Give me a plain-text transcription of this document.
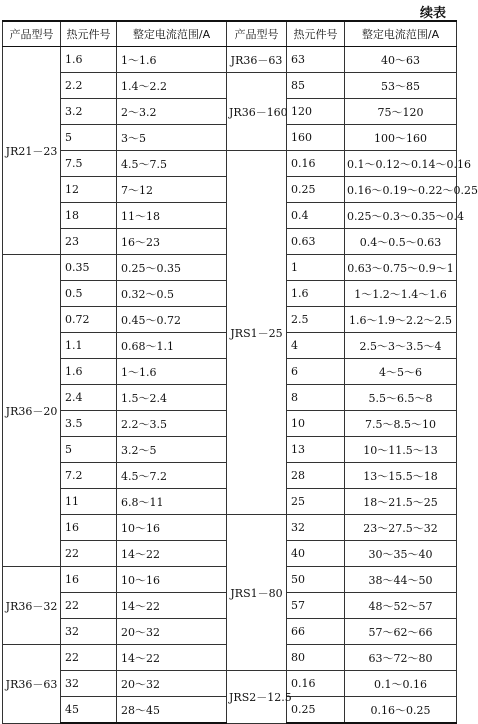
续表
产品型号	热元件号	整定电流范围/A	产品型号	热元件号	整定电流范围/A
JR21－23	1.6	1～1.6	JR36－63	63	40～63
	2.2	1.4～2.2	JR36－160	85	53～85
	3.2	2～3.2		120	75～120
	5	3～5		160	100～160
	7.5	4.5～7.5	JRS1－25	0.16	0.1～0.12～0.14～0.16
	12	7～12		0.25	0.16～0.19～0.22～0.25
	18	11～18		0.4	0.25～0.3～0.35～0.4
	23	16～23		0.63	0.4～0.5～0.63
JR36－20	0.35	0.25～0.35		1	0.63～0.75～0.9～1
	0.5	0.32～0.5		1.6	1～1.2～1.4～1.6
	0.72	0.45～0.72		2.5	1.6～1.9～2.2～2.5
	1.1	0.68～1.1		4	2.5～3～3.5～4
	1.6	1～1.6		6	4～5～6
	2.4	1.5～2.4		8	5.5～6.5～8
	3.5	2.2～3.5		10	7.5～8.5～10
	5	3.2～5		13	10～11.5～13
	7.2	4.5～7.2		28	13～15.5～18
	11	6.8～11		25	18～21.5～25
	16	10～16	JRS1－80	32	23～27.5～32
	22	14～22		40	30～35～40
JR36－32	16	10～16		50	38～44～50
	22	14～22		57	48～52～57
	32	20～32		66	57～62～66
JR36－63	22	14～22		80	63～72～80
	32	20～32	JRS2－12.5	0.16	0.1～0.16
	45	28～45		0.25	0.16～0.25
